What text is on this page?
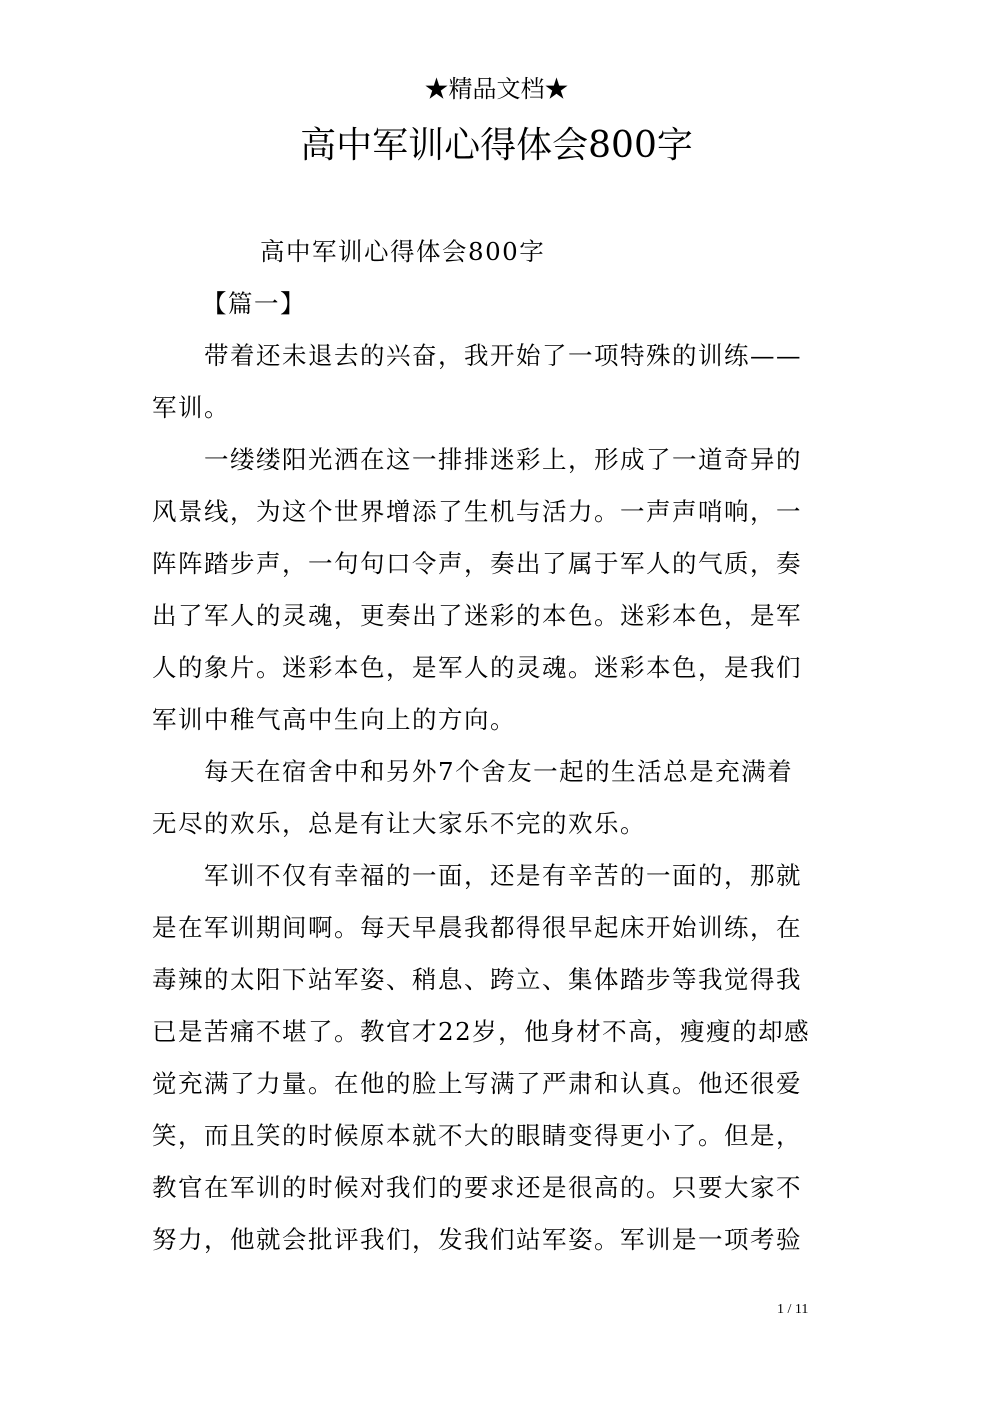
★精品文档★
高中军训心得体会800字
高中军训心得体会800字
【篇一】
带着还未退去的兴奋，我开始了一项特殊的训练——
军训。
一缕缕阳光洒在这一排排迷彩上，形成了一道奇异的
风景线，为这个世界增添了生机与活力。一声声哨响，一
阵阵踏步声，一句句口令声，奏出了属于军人的气质，奏
出了军人的灵魂，更奏出了迷彩的本色。迷彩本色，是军
人的象片。迷彩本色，是军人的灵魂。迷彩本色，是我们
军训中稚气高中生向上的方向。
每天在宿舍中和另外7个舍友一起的生活总是充满着
无尽的欢乐，总是有让大家乐不完的欢乐。
军训不仅有幸福的一面，还是有辛苦的一面的，那就
是在军训期间啊。每天早晨我都得很早起床开始训练，在
毒辣的太阳下站军姿、稍息、跨立、集体踏步等我觉得我
已是苦痛不堪了。教官才22岁，他身材不高，瘦瘦的却感
觉充满了力量。在他的脸上写满了严肃和认真。他还很爱
笑，而且笑的时候原本就不大的眼睛变得更小了。但是，
教官在军训的时候对我们的要求还是很高的。只要大家不
努力，他就会批评我们，发我们站军姿。军训是一项考验
1 / 11
